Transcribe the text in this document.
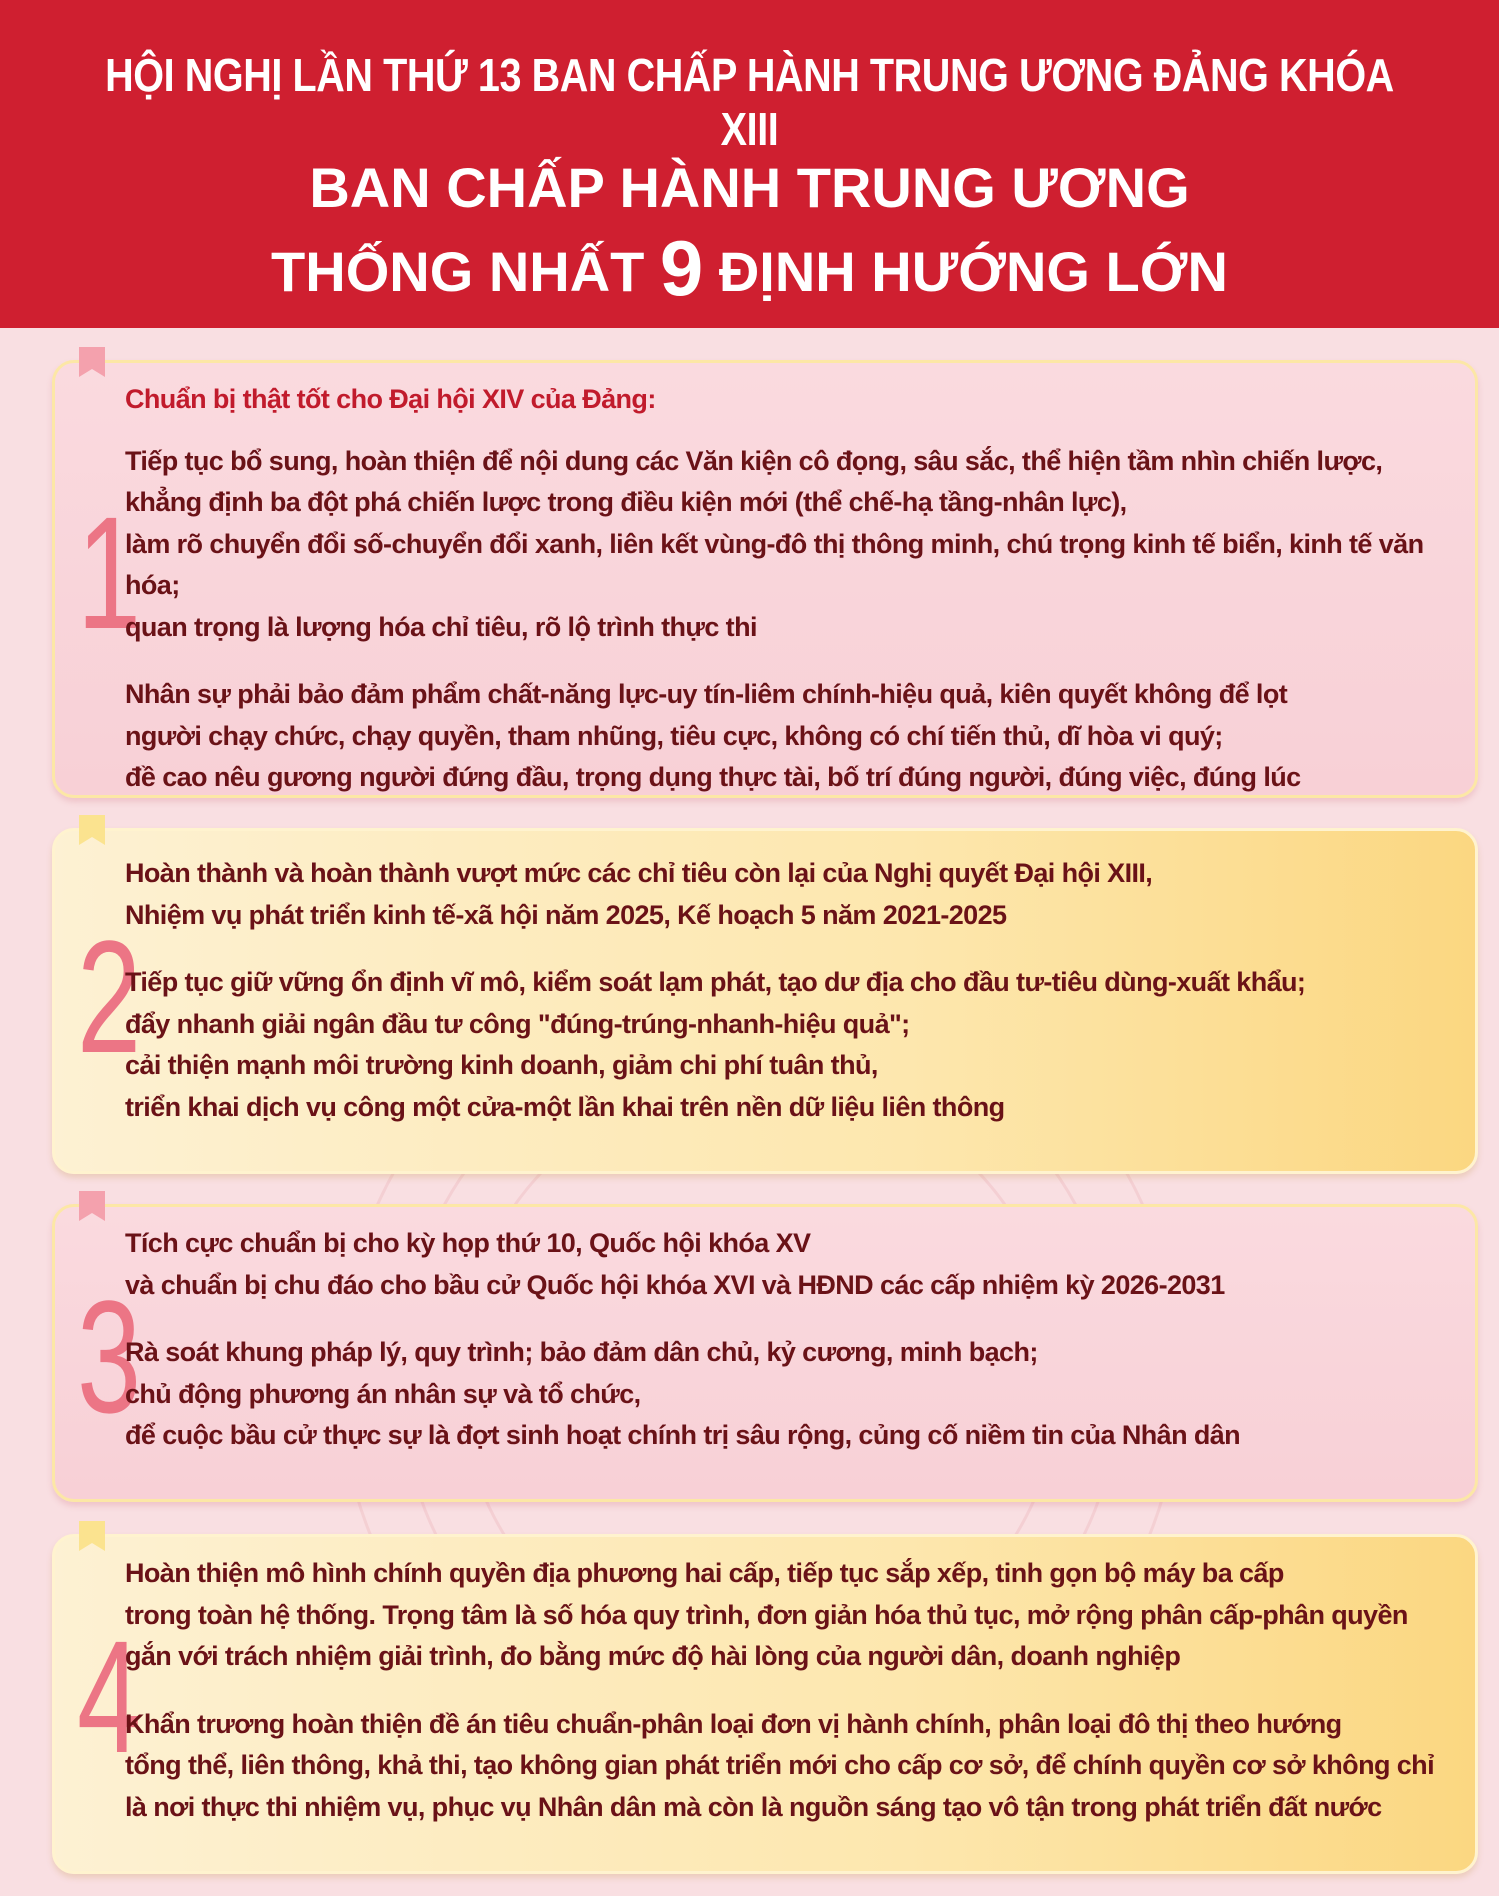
HỘI NGHỊ LẦN THỨ 13 BAN CHẤP HÀNH TRUNG ƯƠNG ĐẢNG KHÓA XIII
BAN CHẤP HÀNH TRUNG ƯƠNG
THỐNG NHẤT 9 ĐỊNH HƯỚNG LỚN
1

Chuẩn bị thật tốt cho Đại hội XIV của Đảng:

Tiếp tục bổ sung, hoàn thiện để nội dung các Văn kiện cô đọng, sâu sắc, thể hiện tầm nhìn chiến lược,

khẳng định ba đột phá chiến lược trong điều kiện mới (thể chế-hạ tầng-nhân lực),

làm rõ chuyển đổi số-chuyển đổi xanh, liên kết vùng-đô thị thông minh, chú trọng kinh tế biển, kinh tế văn hóa;

quan trọng là lượng hóa chỉ tiêu, rõ lộ trình thực thi

Nhân sự phải bảo đảm phẩm chất-năng lực-uy tín-liêm chính-hiệu quả, kiên quyết không để lọt

người chạy chức, chạy quyền, tham nhũng, tiêu cực, không có chí tiến thủ, dĩ hòa vi quý;

đề cao nêu gương người đứng đầu, trọng dụng thực tài, bố trí đúng người, đúng việc, đúng lúc

2

Hoàn thành và hoàn thành vượt mức các chỉ tiêu còn lại của Nghị quyết Đại hội XIII,

Nhiệm vụ phát triển kinh tế-xã hội năm 2025, Kế hoạch 5 năm 2021-2025

Tiếp tục giữ vững ổn định vĩ mô, kiểm soát lạm phát, tạo dư địa cho đầu tư-tiêu dùng-xuất khẩu;

đẩy nhanh giải ngân đầu tư công "đúng-trúng-nhanh-hiệu quả";

cải thiện mạnh môi trường kinh doanh, giảm chi phí tuân thủ,

triển khai dịch vụ công một cửa-một lần khai trên nền dữ liệu liên thông

3

Tích cực chuẩn bị cho kỳ họp thứ 10, Quốc hội khóa XV

và chuẩn bị chu đáo cho bầu cử Quốc hội khóa XVI và HĐND các cấp nhiệm kỳ 2026-2031

Rà soát khung pháp lý, quy trình; bảo đảm dân chủ, kỷ cương, minh bạch;

chủ động phương án nhân sự và tổ chức,

để cuộc bầu cử thực sự là đợt sinh hoạt chính trị sâu rộng, củng cố niềm tin của Nhân dân

4

Hoàn thiện mô hình chính quyền địa phương hai cấp, tiếp tục sắp xếp, tinh gọn bộ máy ba cấp

trong toàn hệ thống. Trọng tâm là số hóa quy trình, đơn giản hóa thủ tục, mở rộng phân cấp-phân quyền

gắn với trách nhiệm giải trình, đo bằng mức độ hài lòng của người dân, doanh nghiệp

Khẩn trương hoàn thiện đề án tiêu chuẩn-phân loại đơn vị hành chính, phân loại đô thị theo hướng

tổng thể, liên thông, khả thi, tạo không gian phát triển mới cho cấp cơ sở, để chính quyền cơ sở không chỉ

là nơi thực thi nhiệm vụ, phục vụ Nhân dân mà còn là nguồn sáng tạo vô tận trong phát triển đất nước
